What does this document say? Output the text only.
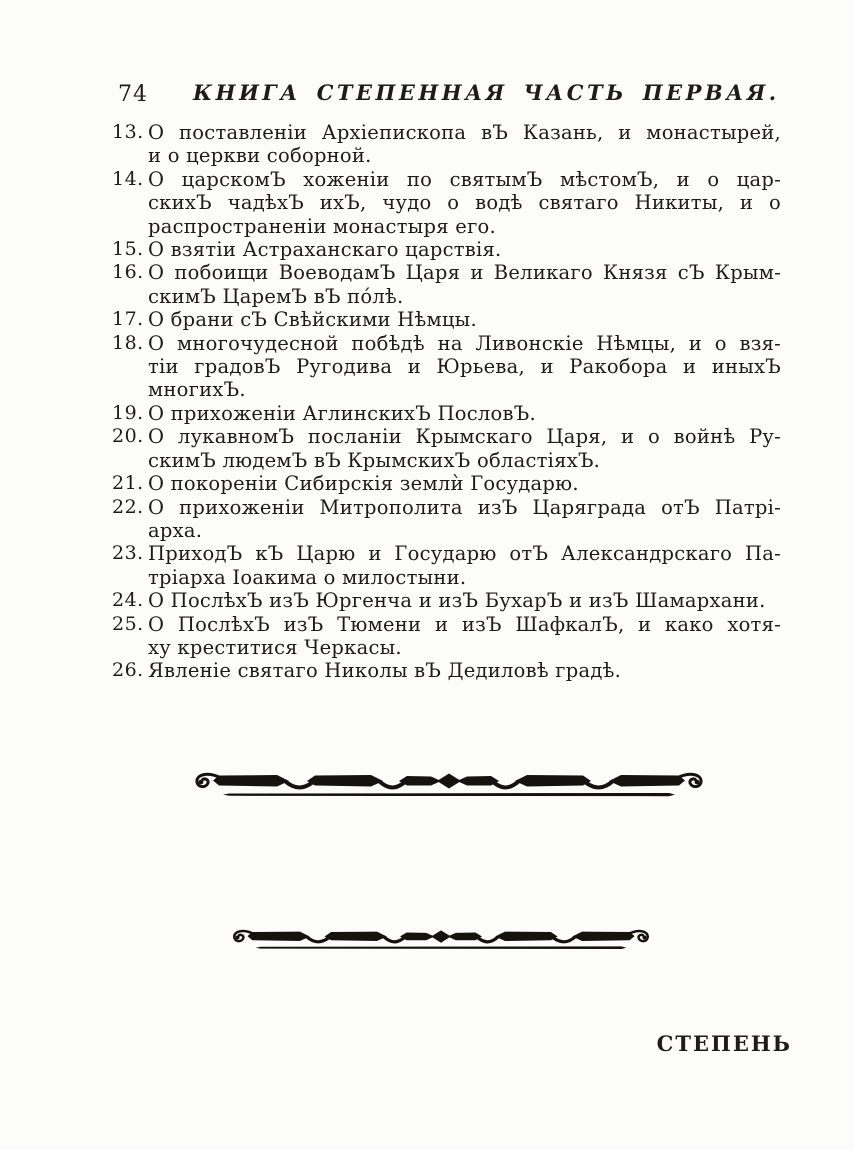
74 КНИГА СТЕПЕННАЯ ЧАСТЬ ПЕРВАЯ.
13. О поставленіи Архіепископа вЪ Казань, и монастырей,
и о церкви соборной.
14. О царскомЪ хоженіи по святымЪ мѣстомЪ, и о цар-
скихЪ чадѣхЪ ихЪ, чудо о водѣ святаго Никиты, и о
распространеніи монастыря его.
15. О взятіи Астраханскаго царствія.
16. О побоищи ВоеводамЪ Царя и Великаго Князя сЪ Крым-
скимЪ ЦаремЪ вЪ по́лѣ.
17. О брани сЪ Свѣйскими Нѣмцы.
18. О многочудесной побѣдѣ на Ливонскіе Нѣмцы, и о взя-
тіи градовЪ Ругодива и Юрьева, и Ракобора и иныхЪ
многихЪ.
19. О прихоженіи АглинскихЪ ПословЪ.
20. О лукавномЪ посланіи Крымскаго Царя, и о войнѣ Ру-
скимЪ людемЪ вЪ КрымскихЪ областіяхЪ.
21. О покореніи Сибирскія землѝ Государю.
22. О прихоженіи Митрополита изЪ Царяграда отЪ Патрі-
арха.
23. ПриходЪ кЪ Царю и Государю отЪ Александрскаго Па-
тріарха Іоакима о милостыни.
24. О ПослѣхЪ изЪ Юргенча и изЪ БухарЪ и изЪ Шамархани.
25. О ПослѣхЪ изЪ Тюмени и изЪ ШафкалЪ, и како хотя-
ху креститися Черкасы.
26. Явленіе святаго Николы вЪ Дедиловѣ градѣ.
СТЕПЕНЬ
